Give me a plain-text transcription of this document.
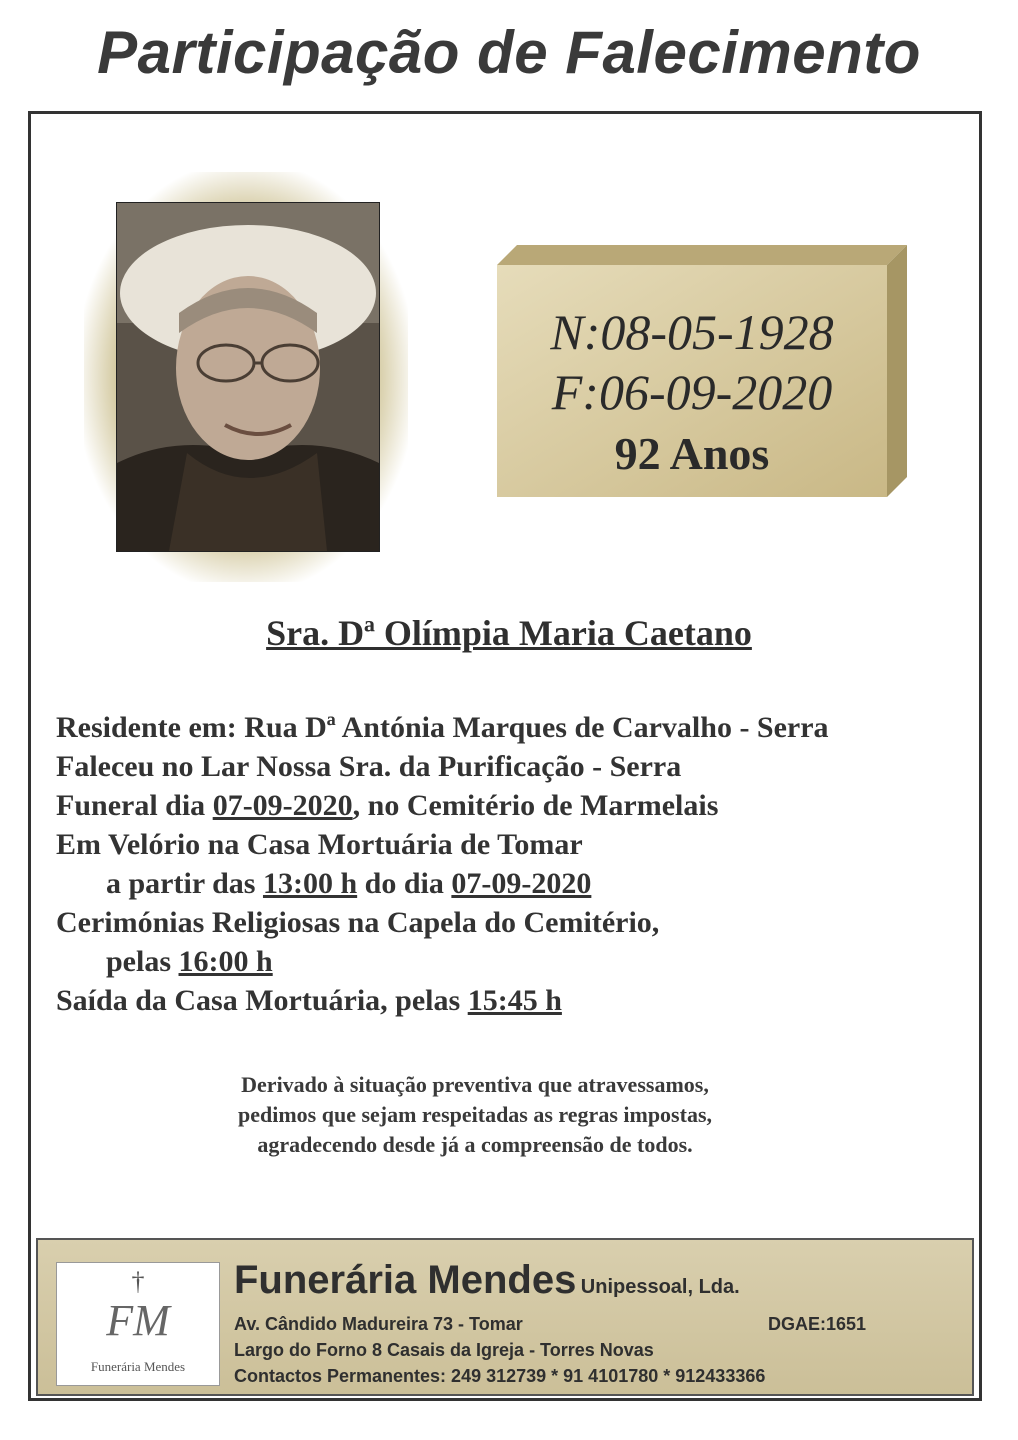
Participação de Falecimento
N:08-05-1928
F:06-09-2020
92 Anos
Sra. Dª Olímpia Maria Caetano
Residente em: Rua Dª Antónia Marques de Carvalho - Serra
Faleceu no Lar Nossa Sra. da Purificação - Serra
Funeral dia 07-09-2020, no Cemitério de Marmelais
Em Velório na Casa Mortuária de Tomar
a partir das 13:00 h do dia 07-09-2020
Cerimónias Religiosas na Capela do Cemitério,
pelas 16:00 h
Saída da Casa Mortuária, pelas 15:45 h
Derivado à situação preventiva que atravessamos,
pedimos que sejam respeitadas as regras impostas,
agradecendo desde já a compreensão de todos.
†
FM
Funerária Mendes
Funerária Mendes Unipessoal, Lda.
Av. Cândido Madureira 73 - Tomar	DGAE:1651
Largo do Forno 8 Casais da Igreja - Torres Novas
Contactos Permanentes: 249 312739 * 91 4101780 * 912433366
